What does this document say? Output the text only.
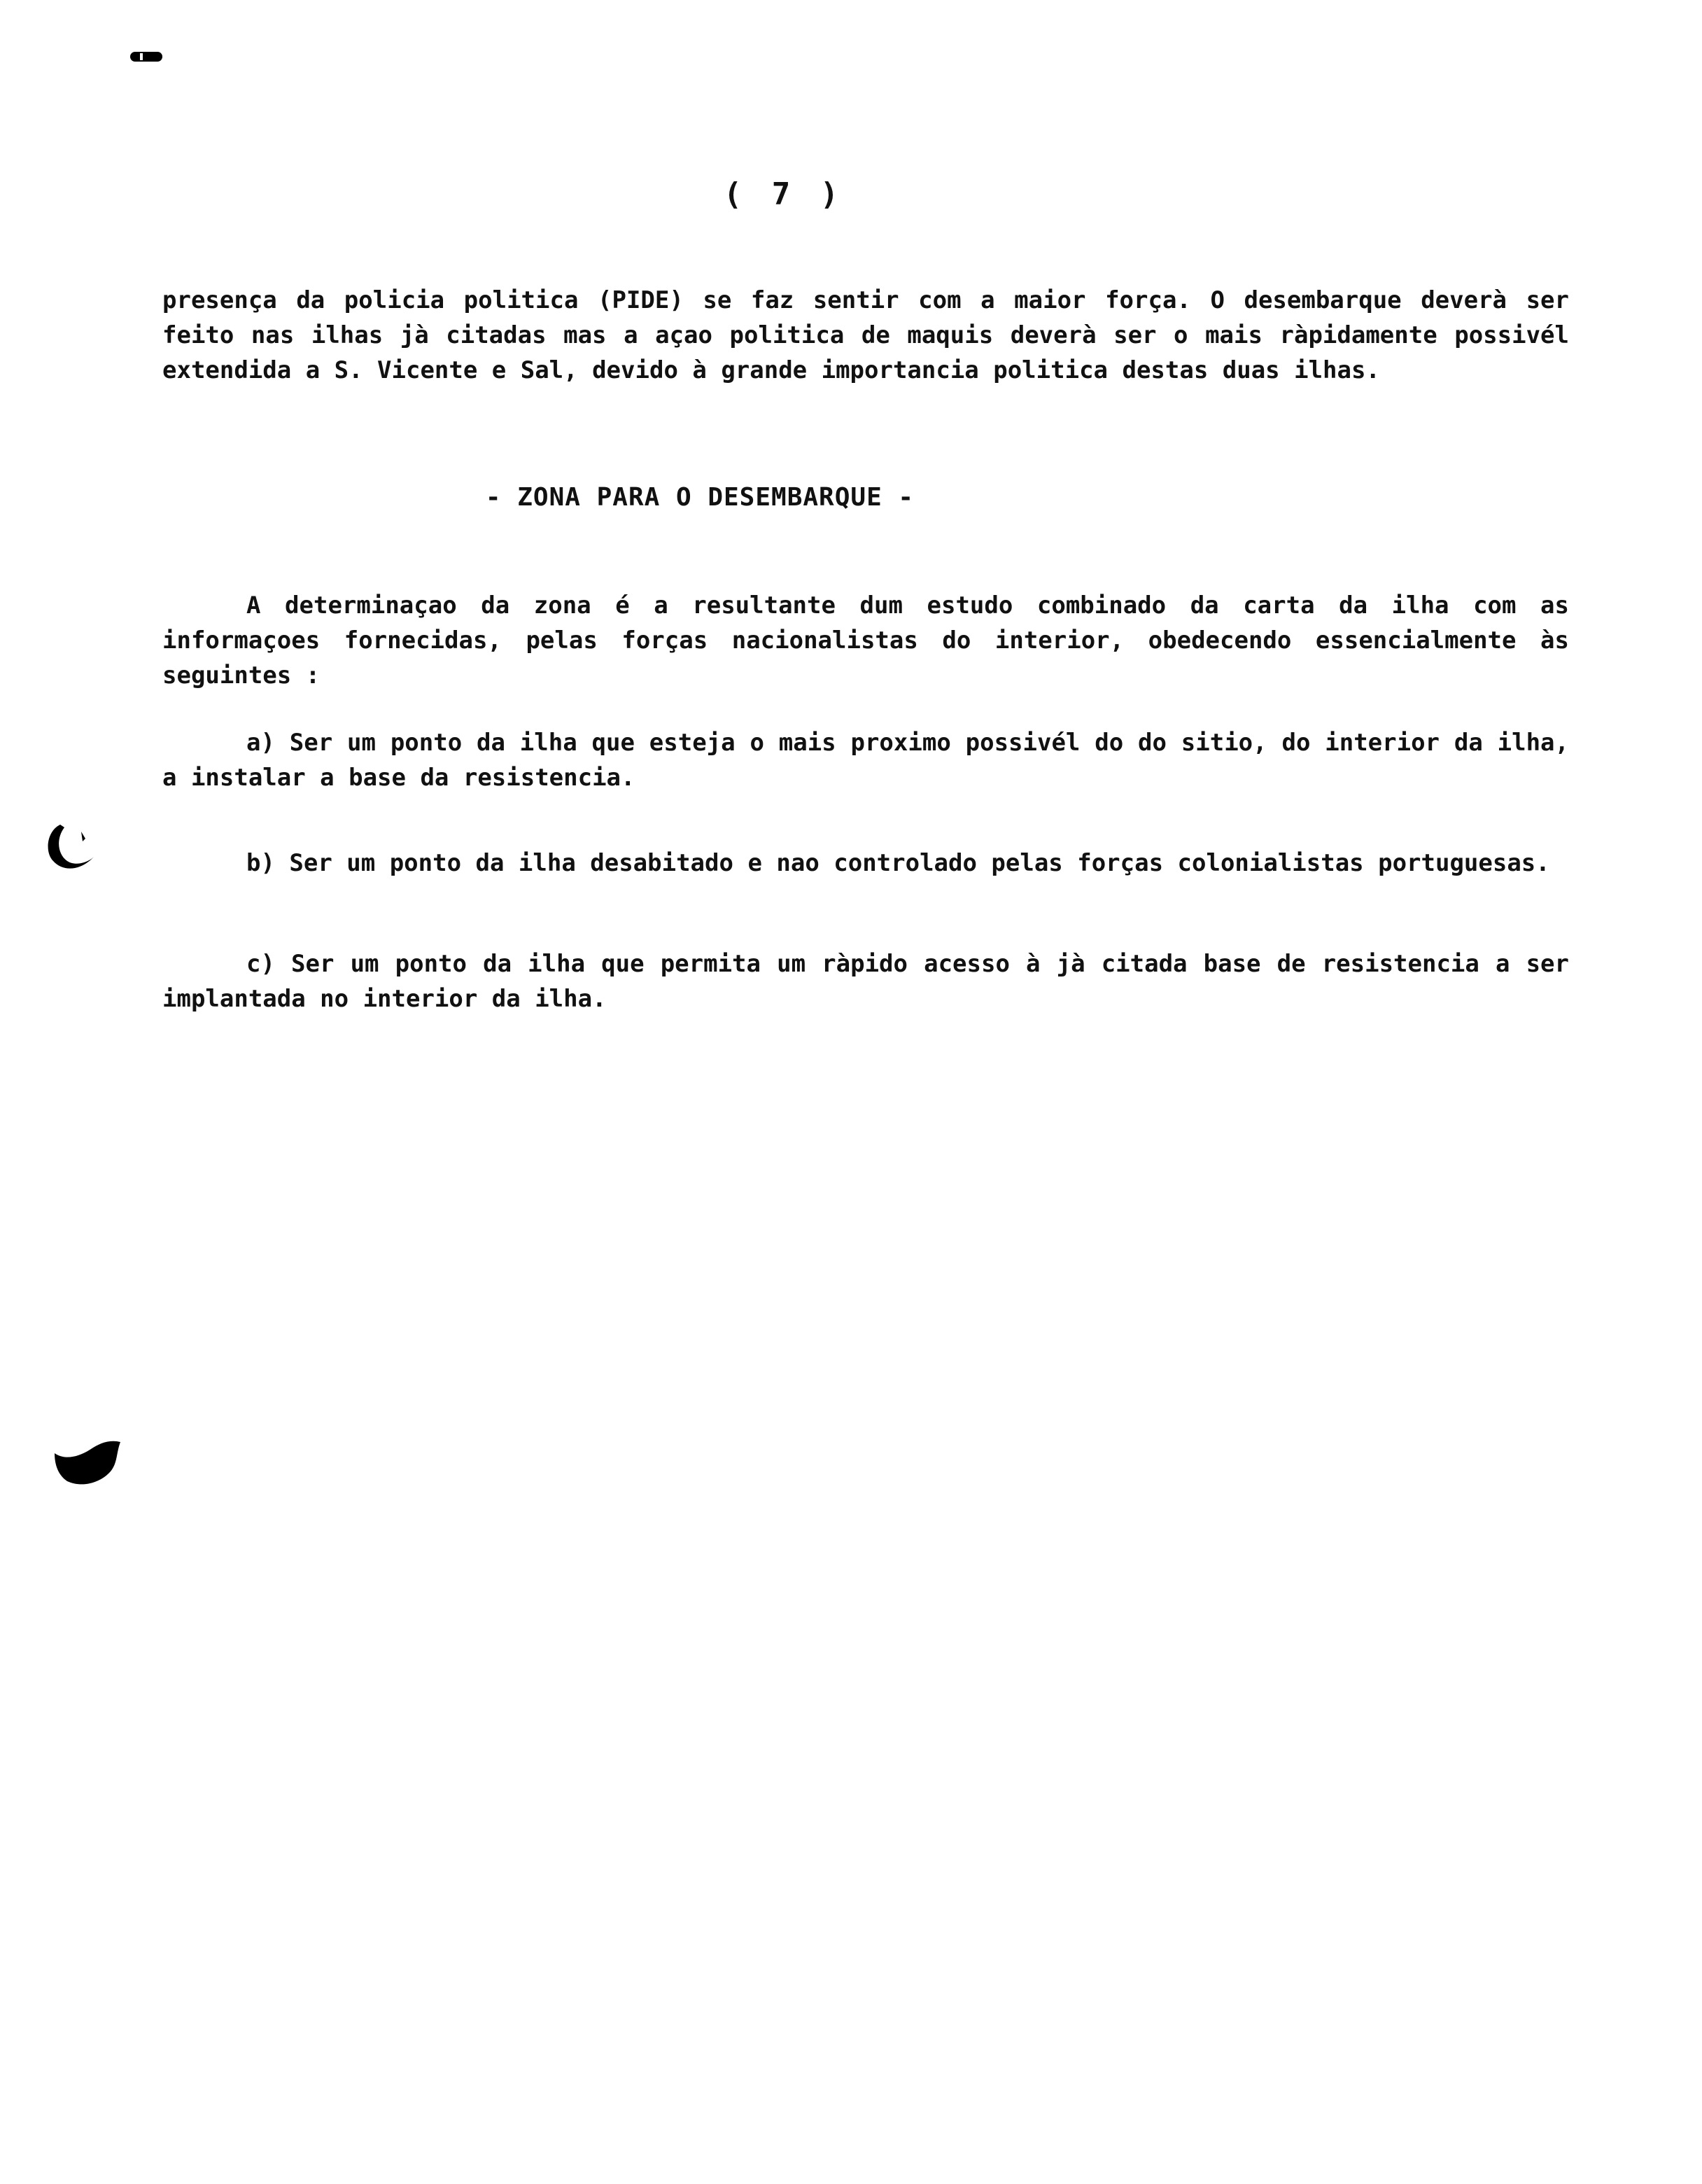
( 7 )
presença da policia politica (PIDE) se faz sentir com a maior força. O desembarque deverà ser feito nas ilhas jà citadas mas a açao politica de maquis deverà ser o mais ràpidamente possivél extendida a S. Vicente e Sal, devido à grande importancia politica destas duas ilhas.
- ZONA PARA O DESEMBARQUE -
A determinaçao da zona é a resultante dum estudo combinado da carta da ilha com as informaçoes fornecidas, pelas forças nacionalistas do interior, obedecendo essencialmente às seguintes :
a) Ser um ponto da ilha que esteja o mais proximo possivél do do sitio, do interior da ilha, a instalar a base da resistencia.
b) Ser um ponto da ilha desabitado e nao controlado pelas forças colonialistas portuguesas.
c) Ser um ponto da ilha que permita um ràpido acesso à jà citada base de resistencia a ser implantada no interior da ilha.
